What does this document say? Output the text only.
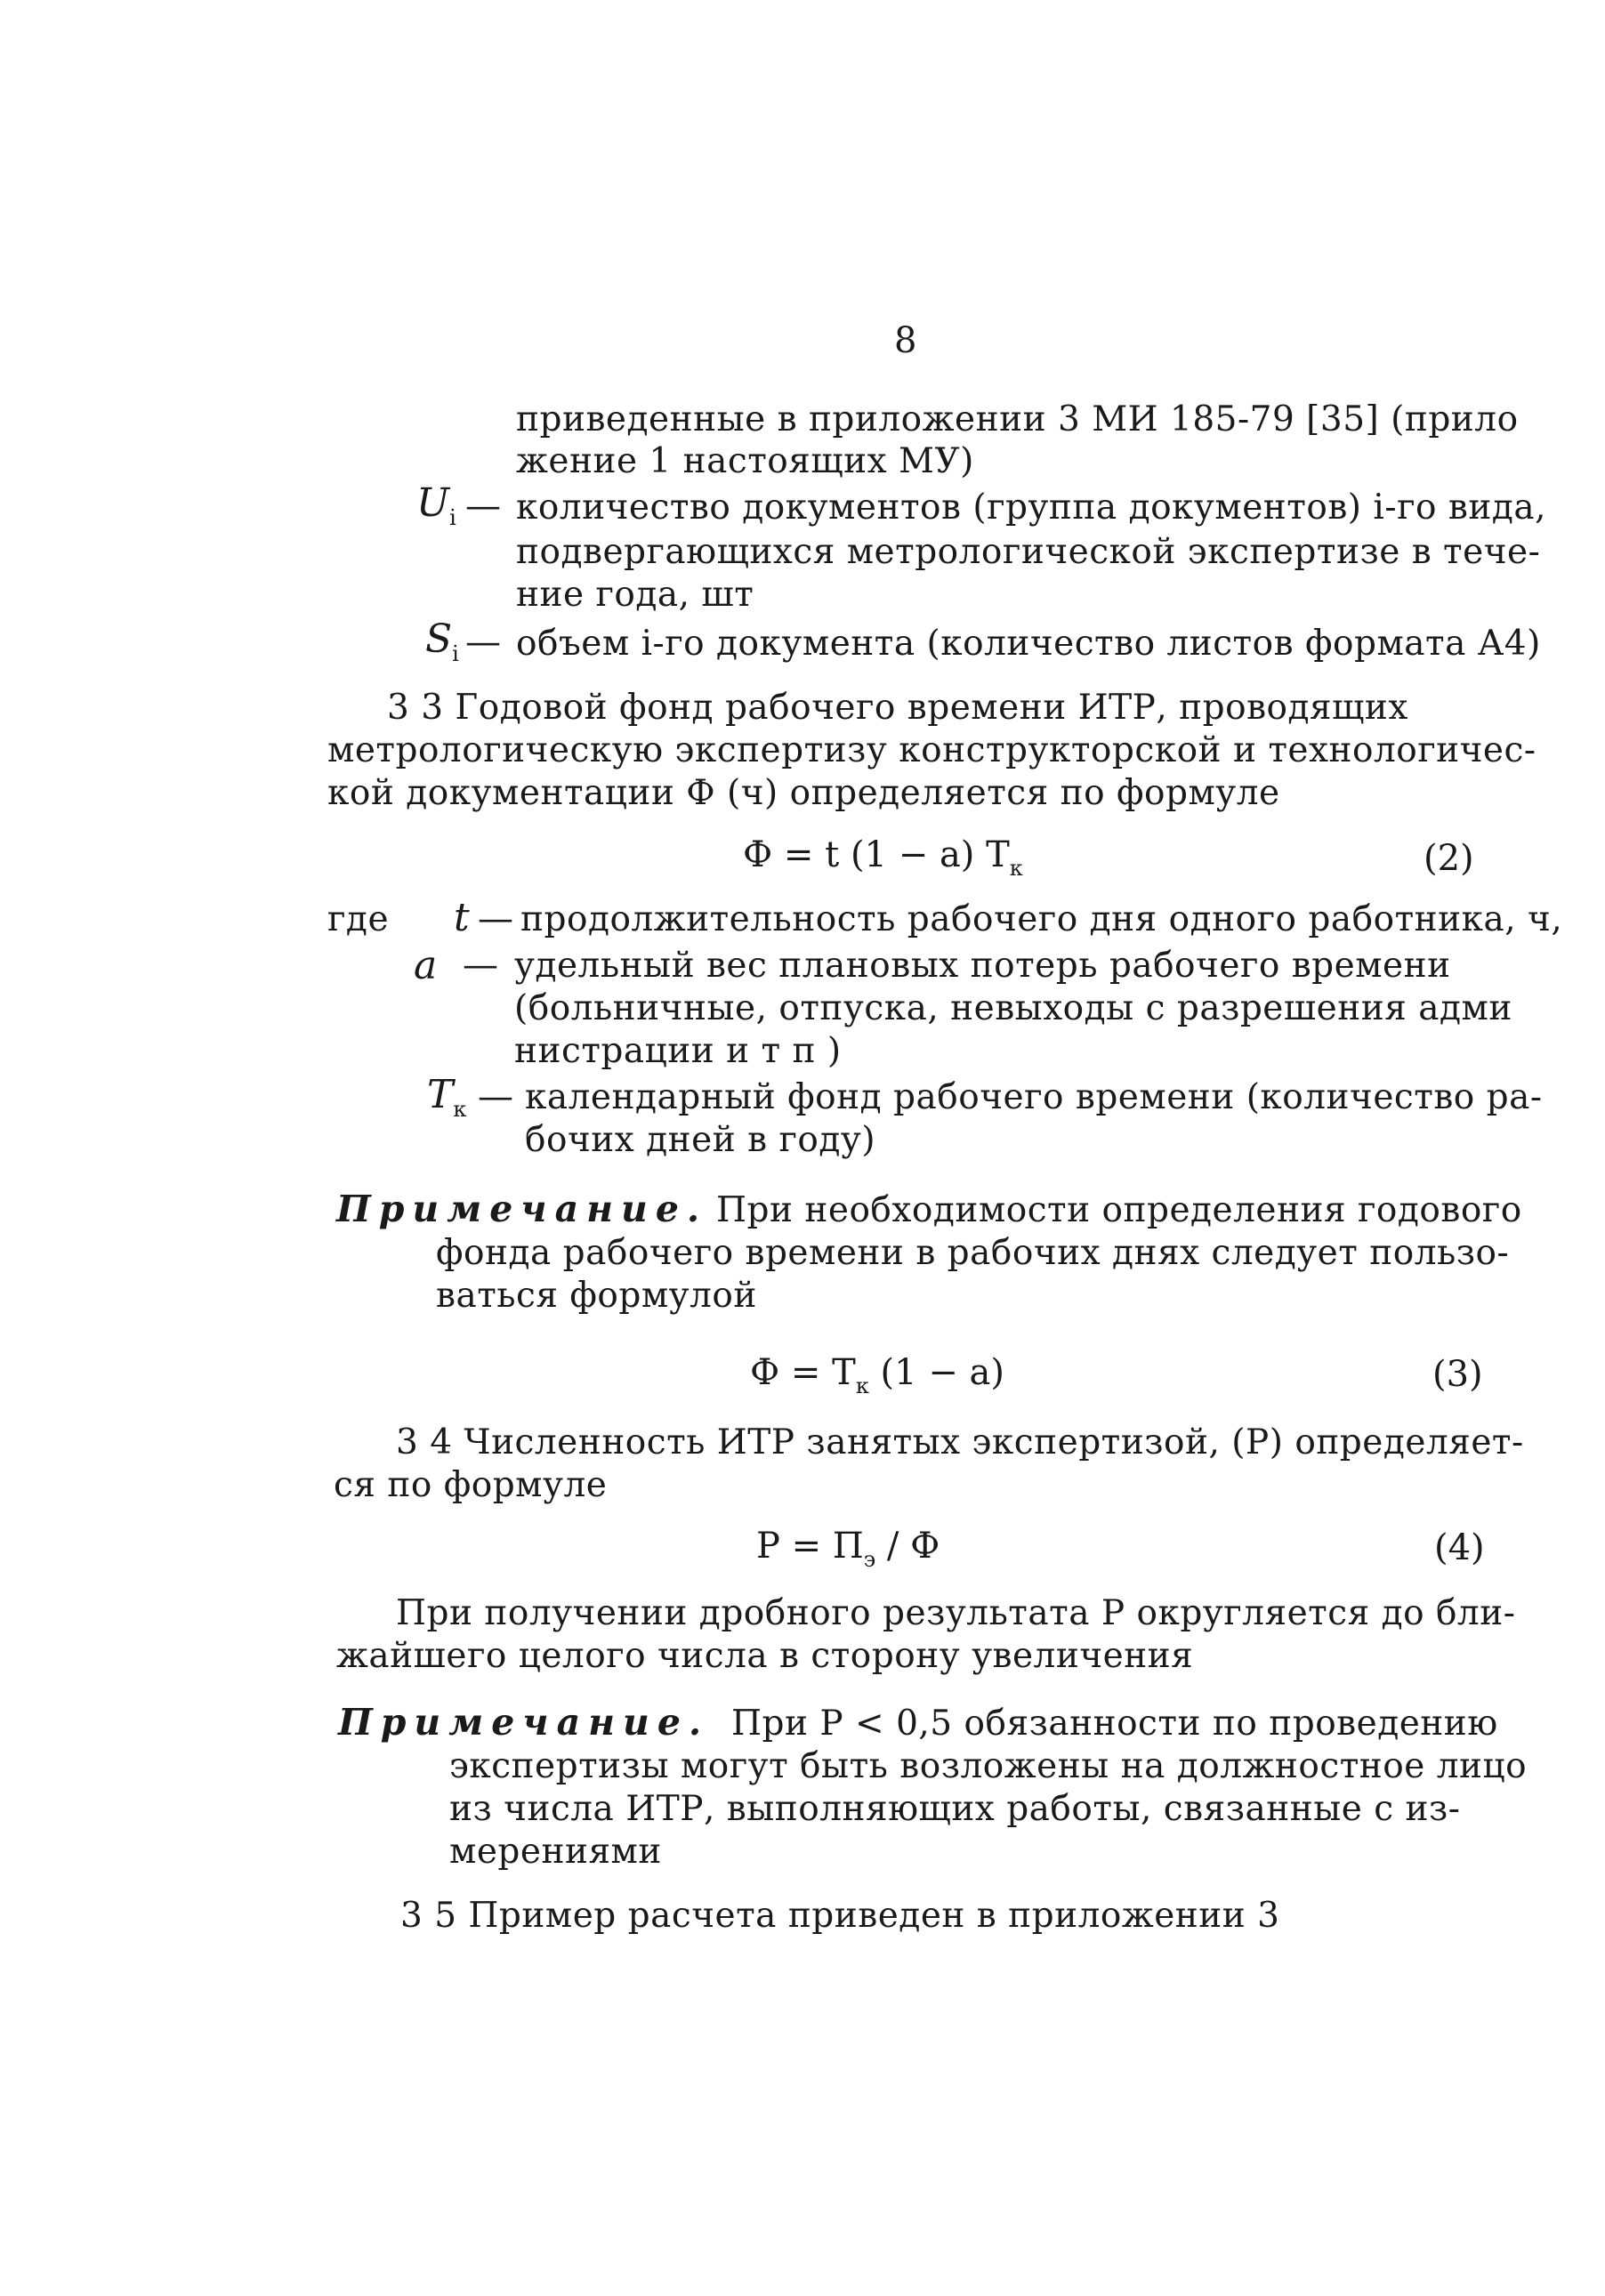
8
приведенные в приложении 3 МИ 185-79 [35] (прило
жение 1 настоящих МУ)
Ui — количество документов (группа документов) i-го вида,
подвергающихся метрологической экспертизе в тече-
ние года, шт
Si — объем i-го документа (количество листов формата А4)
3 3 Годовой фонд рабочего времени ИТР, проводящих
метрологическую экспертизу конструкторской и технологичес-
кой документации Ф (ч) определяется по формуле
Ф = t (1 − a) $T_к$	(2)
где t — продолжительность рабочего дня одного работника, ч,
a — удельный вес плановых потерь рабочего времени
(больничные, отпуска, невыходы с разрешения адми
нистрации и т п )
Tк — календарный фонд рабочего времени (количество ра-
бочих дней в году)
Примечание. При необходимости определения годового
фонда рабочего времени в рабочих днях следует пользо-
ваться формулой
$Ф = T_к$ (1 − a)	(3)
3 4 Численность ИТР занятых экспертизой, (P) определяет-
ся по формуле
$P = П_э / Ф$	(4)
При получении дробного результата P округляется до бли-
жайшего целого числа в сторону увеличения
Примечание. При P < 0,5 обязанности по проведению
экспертизы могут быть возложены на должностное лицо
из числа ИТР, выполняющих работы, связанные с из-
мерениями
3 5 Пример расчета приведен в приложении 3
